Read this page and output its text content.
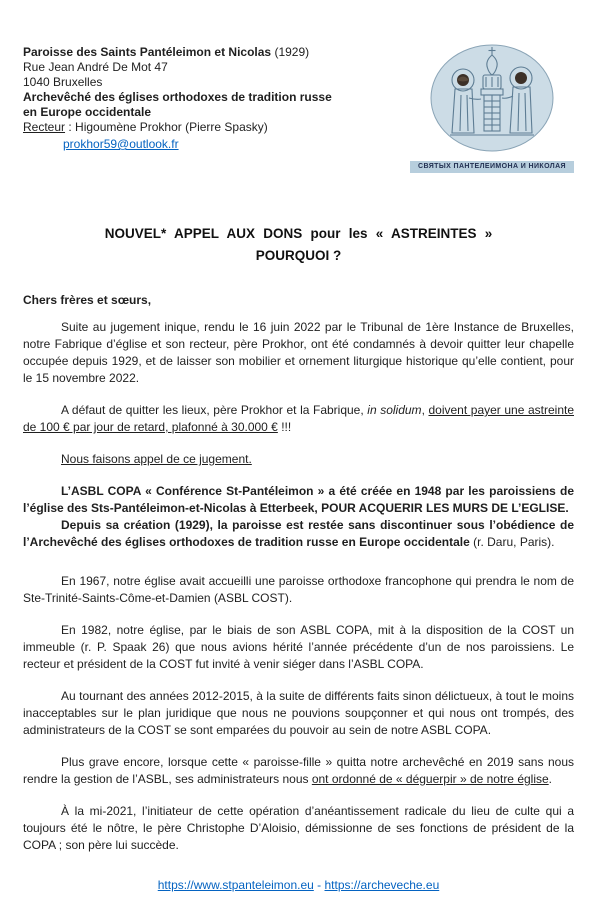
Paroisse des Saints Pantéleimon et Nicolas (1929)
Rue Jean André De Mot 47
1040 Bruxelles
Archevêché des églises orthodoxes de tradition russe
en Europe occidentale
Recteur : Higoumène Prokhor (Pierre Spasky)
prokhor59@outlook.fr
СВЯТЫХ ПАНТЕЛЕИМОНА И НИКОЛАЯ
NOUVEL* APPEL AUX DONS pour les « ASTREINTES »
POURQUOI ?

Chers frères et sœurs,

Suite au jugement inique, rendu le 16 juin 2022 par le Tribunal de 1ère Instance de Bruxelles, notre Fabrique d’église et son recteur, père Prokhor, ont été condamnés à devoir quitter leur chapelle occupée depuis 1929, et de laisser son mobilier et ornement liturgique historique qu’elle contient, pour le 15 novembre 2022.

A défaut de quitter les lieux, père Prokhor et la Fabrique, in solidum, doivent payer une astreinte de 100 € par jour de retard, plafonné à 30.000 € !!!

Nous faisons appel de ce jugement.

L’ASBL COPA « Conférence St-Pantéleimon » a été créée en 1948 par les paroissiens de l’église des Sts-Pantéleimon-et-Nicolas à Etterbeek, POUR ACQUERIR LES MURS DE L’EGLISE.

Depuis sa création (1929), la paroisse est restée sans discontinuer sous l’obédience de l’Archevêché des églises orthodoxes de tradition russe en Europe occidentale (r. Daru, Paris).

En 1967, notre église avait accueilli une paroisse orthodoxe francophone qui prendra le nom de Ste-Trinité-Saints-Côme-et-Damien (ASBL COST).

En 1982, notre église, par le biais de son ASBL COPA, mit à la disposition de la COST un immeuble (r. P. Spaak 26) que nous avions hérité l’année précédente d’un de nos paroissiens. Le recteur et président de la COST fut invité à venir siéger dans l’ASBL COPA.

Au tournant des années 2012-2015, à la suite de différents faits sinon délictueux, à tout le moins inacceptables sur le plan juridique que nous ne pouvions soupçonner et qui nous ont trompés, des administrateurs de la COST se sont emparées du pouvoir au sein de notre ASBL COPA.

Plus grave encore, lorsque cette « paroisse-fille » quitta notre archevêché en 2019 sans nous rendre la gestion de l’ASBL, ses administrateurs nous ont ordonné de « déguerpir » de notre église.

À la mi-2021, l’initiateur de cette opération d’anéantissement radicale du lieu de culte qui a toujours été le nôtre, le père Christophe D’Aloisio, démissionne de ses fonctions de président de la COPA ; son père lui succède.

https://www.stpanteleimon.eu - https://archeveche.eu
